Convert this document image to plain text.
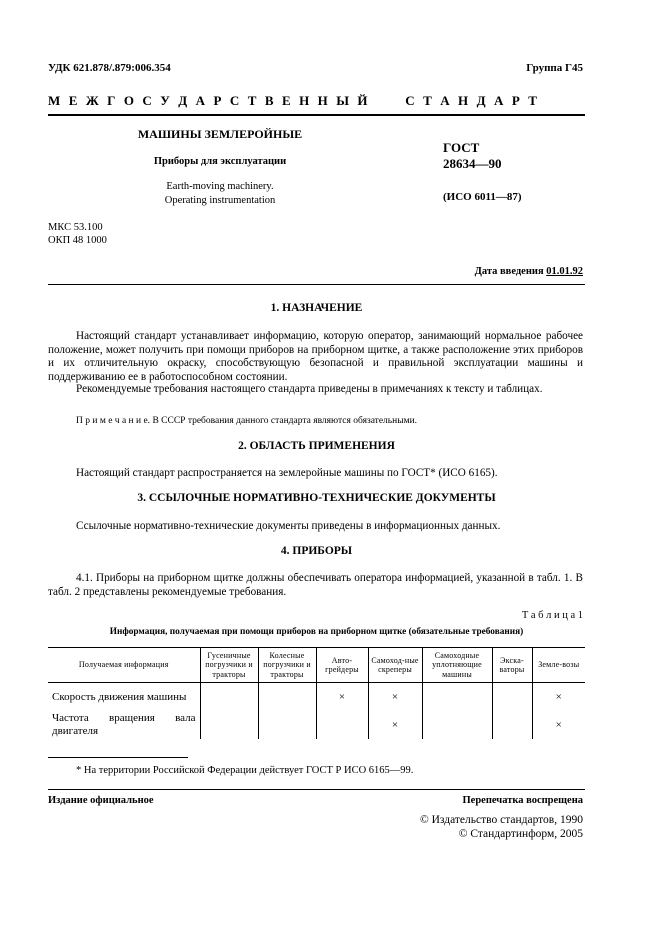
УДК 621.878/.879:006.354	Группа Г45
М Е Ж Г О С У Д А Р С Т В Е Н Н Ы Й      С Т А Н Д А Р Т
МАШИНЫ ЗЕМЛЕРОЙНЫЕ
Приборы для эксплуатации
Earth-moving machinery.
Operating instrumentation
ГОСТ
28634—90
(ИСО 6011—87)
МКС 53.100
ОКП 48 1000
Дата введения 01.01.92
1. НАЗНАЧЕНИЕ
Настоящий стандарт устанавливает информацию, которую оператор, занимающий нормальное рабочее положение, может получить при помощи приборов на приборном щитке, а также расположение этих приборов и их отличительную окраску, способствующую безопасной и правильной эксплуатации машины и поддерживанию ее в работоспособном состоянии.
Рекомендуемые требования настоящего стандарта приведены в примечаниях к тексту и таблицах.
П р и м е ч а н и е. В СССР требования данного стандарта являются обязательными.
2. ОБЛАСТЬ ПРИМЕНЕНИЯ
Настоящий стандарт распространяется на землеройные машины по ГОСТ* (ИСО 6165).
3. ССЫЛОЧНЫЕ НОРМАТИВНО-ТЕХНИЧЕСКИЕ ДОКУМЕНТЫ
Ссылочные нормативно-технические документы приведены в информационных данных.
4. ПРИБОРЫ
4.1. Приборы на приборном щитке должны обеспечивать оператора информацией, указанной в табл. 1. В табл. 2 представлены рекомендуемые требования.
Т а б л и ц а 1
Информация, получаемая при помощи приборов на приборном щитке (обязательные требования)
Получаемая информация	Гусеничные погрузчики и тракторы	Колесные погрузчики и тракторы	Авто-грейдеры	Самоход-ные скреперы	Самоходные уплотняющие машины	Экска-ваторы	Земле-возы
Скорость движения машины			×	×			×
Частота вращения вала двигателя				×			×
* На территории Российской Федерации действует ГОСТ Р ИСО 6165—99.
Издание официальное	Перепечатка воспрещена
© Издательство стандартов, 1990
© Стандартинформ, 2005
